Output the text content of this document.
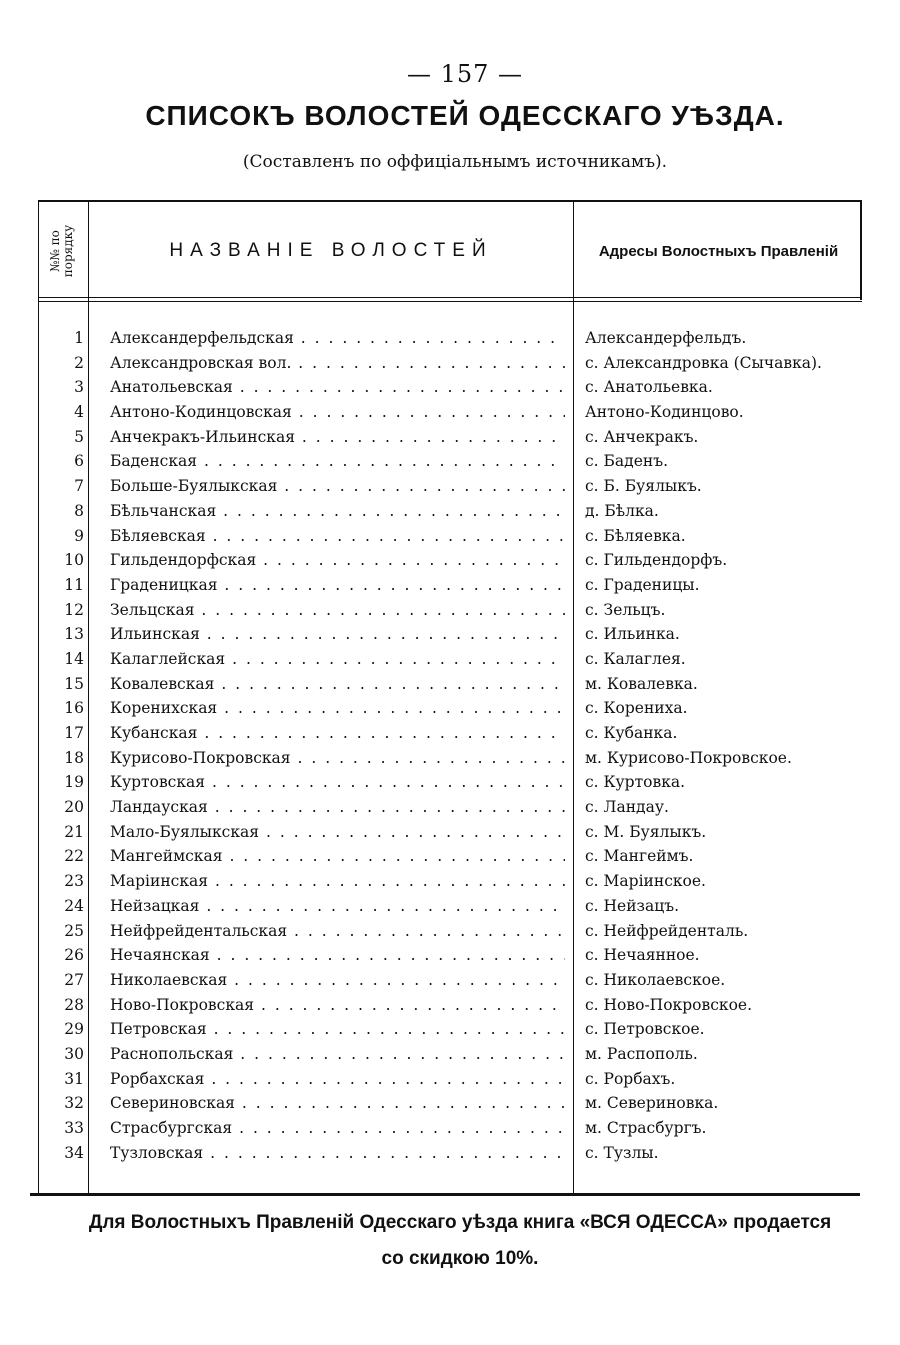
— 157 —
СПИСОКЪ ВОЛОСТЕЙ ОДЕССКАГО УѢЗДА.
(Составленъ по оффиціальнымъ источникамъ).
№№ по порядку	НАЗВАНІЕ ВОЛОСТЕЙ	Адресы Волостныхъ Правленій
1 Александерфельдская . . .	Александерфельдъ.
2 Александровская вол. . . .	с. Александровка (Сычавка).
3 Анатольевская . . .	с. Анатольевка.
4 Антоно-Кодинцовская . . .	Антоно-Кодинцово.
5 Анчекракъ-Ильинская . . .	с. Анчекракъ.
6 Баденская . . .	с. Баденъ.
7 Больше-Буялыкская . . .	с. Б. Буялыкъ.
8 Бѣльчанская . . .	д. Бѣлка.
9 Бѣляевская . . .	с. Бѣляевка.
10 Гильдендорфская . . .	с. Гильдендорфъ.
11 Граденицкая . . .	с. Граденицы.
12 Зельцская . . .	с. Зельцъ.
13 Ильинская . . .	с. Ильинка.
14 Калаглейская . . .	с. Калаглея.
15 Ковалевская . . .	м. Ковалевка.
16 Коренихская . . .	с. Корениха.
17 Кубанская . . .	с. Кубанка.
18 Курисово-Покровская . . .	м. Курисово-Покровское.
19 Куртовская . . .	с. Куртовка.
20 Ландауская . . .	с. Ландау.
21 Мало-Буялыкская . . .	с. М. Буялыкъ.
22 Мангеймская . . .	с. Мангеймъ.
23 Маріинская . . .	с. Маріинское.
24 Нейзацкая . . .	с. Нейзацъ.
25 Нейфрейдентальская . . .	с. Нейфрейденталь.
26 Нечаянская . . .	с. Нечаянное.
27 Николаевская . . .	с. Николаевское.
28 Ново-Покровская . . .	с. Ново-Покровское.
29 Петровская . . .	с. Петровское.
30 Раснопольская . . .	м. Распополь.
31 Рорбахская . . .	с. Рорбахъ.
32 Севериновская . . .	м. Севериновка.
33 Страсбургская . . .	м. Страсбургъ.
34 Тузловская . . .	с. Тузлы.
Для Волостныхъ Правленій Одесскаго уѣзда книга «ВСЯ ОДЕССА» продается
со скидкою 10%.
